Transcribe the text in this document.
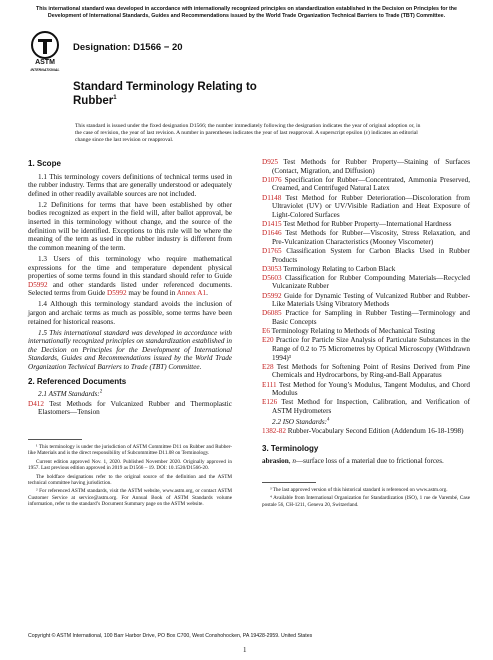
This international standard was developed in accordance with internationally recognized principles on standardization established in the Decision on Principles for the Development of International Standards, Guides and Recommendations issued by the World Trade Organization Technical Barriers to Trade (TBT) Committee.
ASTM
INTERNATIONAL
Designation: D1566 − 20
Standard Terminology Relating to
Rubber$^1$
This standard is issued under the fixed designation D1566; the number immediately following the designation indicates the year of original adoption or, in the case of revision, the year of last revision. A number in parentheses indicates the year of last reapproval. A superscript epsilon (ε) indicates an editorial change since the last revision or reapproval.
1. Scope

1.1 This terminology covers definitions of technical terms used in the rubber industry. Terms that are generally understood or adequately defined in other readily available sources are not included.

1.2 Definitions for terms that have been established by other bodies recognized as expert in the field will, after ballot approval, be inserted in this terminology without change, and the source of the definition will be identified. Exceptions to this rule will be where the meaning of the term as used in the rubber industry is different from the common meaning of the term.

1.3 Users of this terminology who require mathematical expressions for the time and temperature dependent physical properties of some terms found in this standard should refer to Guide D5992 and other standards listed under referenced documents. Selected terms from Guide D5992 may be found in Annex A1.

1.4 Although this terminology standard avoids the inclusion of jargon and archaic terms as much as possible, some terms have been retained for historical reasons.

1.5 This international standard was developed in accordance with internationally recognized principles on standardization established in the Decision on Principles for the Development of International Standards, Guides and Recommendations issued by the World Trade Organization Technical Barriers to Trade (TBT) Committee.

2. Referenced Documents

2.1 ASTM Standards:$^2$

D412 Test Methods for Vulcanized Rubber and Thermoplastic Elastomers—Tension

¹ This terminology is under the jurisdiction of ASTM Committee D11 on Rubber and Rubber-like Materials and is the direct responsibility of Subcommittee D11.08 on Terminology.

Current edition approved Nov. 1, 2020. Published November 2020. Originally approved in 1957. Last previous edition approved in 2019 as D1566 – 19. DOI: 10.1520/D1566-20.

The boldface designations refer to the original source of the definition and the ASTM technical committee having jurisdiction.

² For referenced ASTM standards, visit the ASTM website, www.astm.org, or contact ASTM Customer Service at service@astm.org. For Annual Book of ASTM Standards volume information, refer to the standard’s Document Summary page on the ASTM website.

D925 Test Methods for Rubber Property—Staining of Surfaces (Contact, Migration, and Diffusion)
D1076 Specification for Rubber—Concentrated, Ammonia Preserved, Creamed, and Centrifuged Natural Latex
D1148 Test Method for Rubber Deterioration—Discoloration from Ultraviolet (UV) or UV/Visible Radiation and Heat Exposure of Light-Colored Surfaces
D1415 Test Method for Rubber Property—International Hardness
D1646 Test Methods for Rubber—Viscosity, Stress Relaxation, and Pre-Vulcanization Characteristics (Mooney Viscometer)
D1765 Classification System for Carbon Blacks Used in Rubber Products
D3053 Terminology Relating to Carbon Black
D5603 Classification for Rubber Compounding Materials—Recycled Vulcanizate Rubber
D5992 Guide for Dynamic Testing of Vulcanized Rubber and Rubber-Like Materials Using Vibratory Methods
D6085 Practice for Sampling in Rubber Testing—Terminology and Basic Concepts
E6 Terminology Relating to Methods of Mechanical Testing
E20 Practice for Particle Size Analysis of Particulate Substances in the Range of 0.2 to 75 Micrometres by Optical Microscopy (Withdrawn 1994)³
E28 Test Methods for Softening Point of Resins Derived from Pine Chemicals and Hydrocarbons, by Ring-and-Ball Apparatus
E111 Test Method for Young’s Modulus, Tangent Modulus, and Chord Modulus
E126 Test Method for Inspection, Calibration, and Verification of ASTM Hydrometers

2.2 ISO Standards:$^4$

1382-82 Rubber-Vocabulary Second Edition (Addendum 16-18-1998)
3. Terminology
abrasion, n—surface loss of a material due to frictional forces.

³ The last approved version of this historical standard is referenced on www.astm.org.

⁴ Available from International Organization for Standardization (ISO), 1 rue de Varembé, Case postale 56, CH-1211, Geneva 20, Switzerland.

Copyright © ASTM International, 100 Barr Harbor Drive, PO Box C700, West Conshohocken, PA 19428-2959. United States
1
